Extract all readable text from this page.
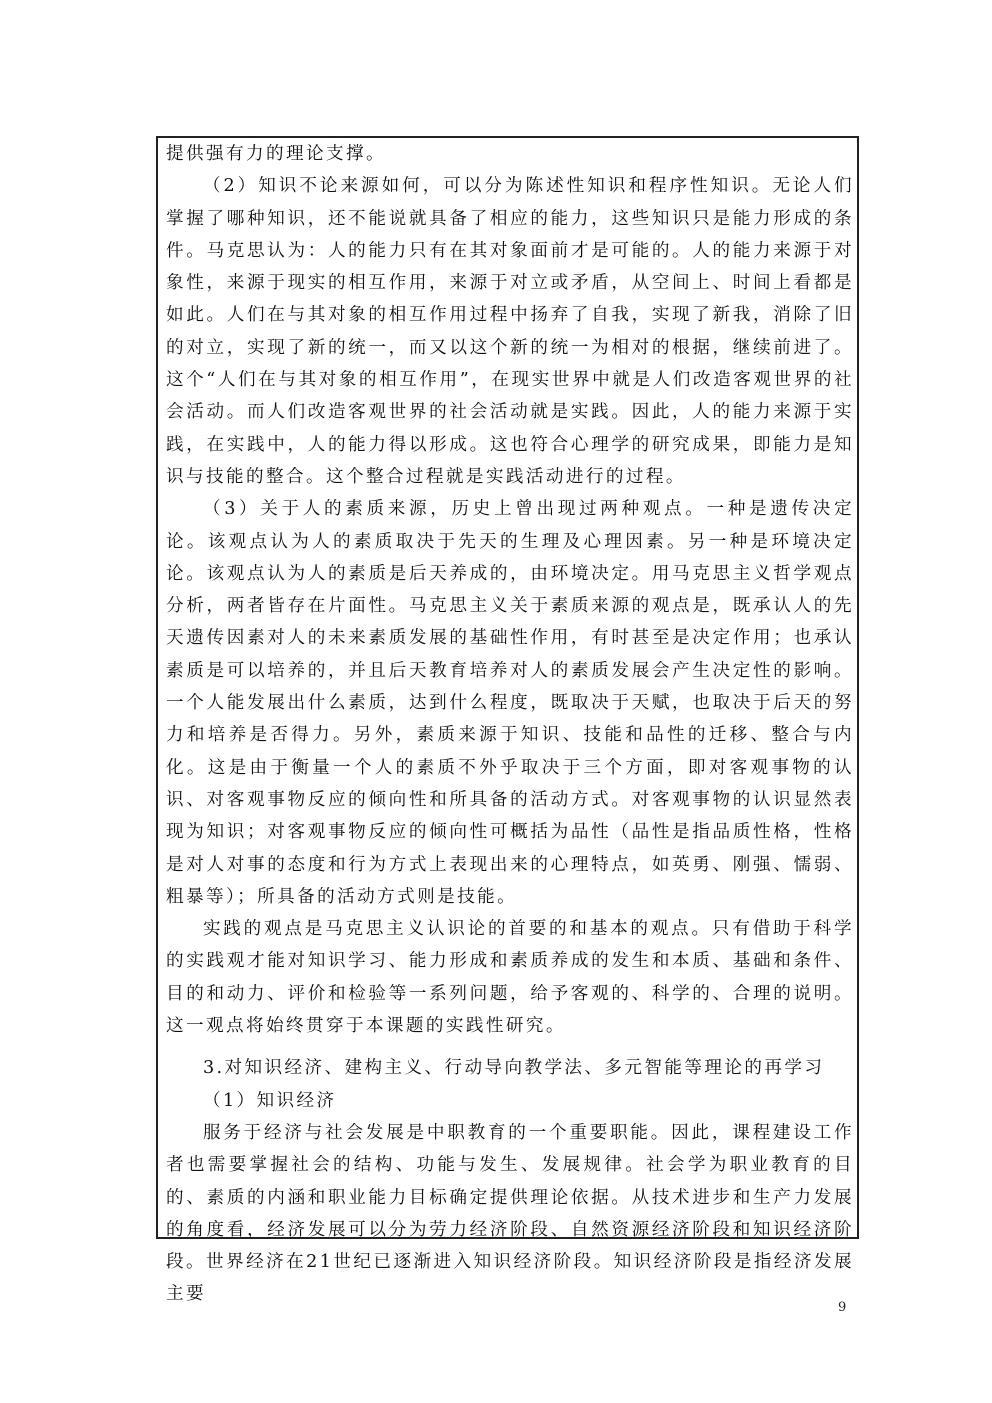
提供强有力的理论支撑。

（2）知识不论来源如何，可以分为陈述性知识和程序性知识。无论人们掌握了哪种知识，还不能说就具备了相应的能力，这些知识只是能力形成的条件。马克思认为：人的能力只有在其对象面前才是可能的。人的能力来源于对象性，来源于现实的相互作用，来源于对立或矛盾，从空间上、时间上看都是如此。人们在与其对象的相互作用过程中扬弃了自我，实现了新我，消除了旧的对立，实现了新的统一，而又以这个新的统一为相对的根据，继续前进了。这个“人们在与其对象的相互作用”，在现实世界中就是人们改造客观世界的社会活动。而人们改造客观世界的社会活动就是实践。因此，人的能力来源于实践，在实践中，人的能力得以形成。这也符合心理学的研究成果，即能力是知识与技能的整合。这个整合过程就是实践活动进行的过程。

（3）关于人的素质来源，历史上曾出现过两种观点。一种是遗传决定论。该观点认为人的素质取决于先天的生理及心理因素。另一种是环境决定论。该观点认为人的素质是后天养成的，由环境决定。用马克思主义哲学观点分析，两者皆存在片面性。马克思主义关于素质来源的观点是，既承认人的先天遗传因素对人的未来素质发展的基础性作用，有时甚至是决定作用；也承认素质是可以培养的，并且后天教育培养对人的素质发展会产生决定性的影响。一个人能发展出什么素质，达到什么程度，既取决于天赋，也取决于后天的努力和培养是否得力。另外，素质来源于知识、技能和品性的迁移、整合与内化。这是由于衡量一个人的素质不外乎取决于三个方面，即对客观事物的认识、对客观事物反应的倾向性和所具备的活动方式。对客观事物的认识显然表现为知识；对客观事物反应的倾向性可概括为品性（品性是指品质性格，性格是对人对事的态度和行为方式上表现出来的心理特点，如英勇、刚强、懦弱、粗暴等）；所具备的活动方式则是技能。

实践的观点是马克思主义认识论的首要的和基本的观点。只有借助于科学的实践观才能对知识学习、能力形成和素质养成的发生和本质、基础和条件、目的和动力、评价和检验等一系列问题，给予客观的、科学的、合理的说明。这一观点将始终贯穿于本课题的实践性研究。

3.对知识经济、建构主义、行动导向教学法、多元智能等理论的再学习

（1）知识经济

服务于经济与社会发展是中职教育的一个重要职能。因此，课程建设工作者也需要掌握社会的结构、功能与发生、发展规律。社会学为职业教育的目的、素质的内涵和职业能力目标确定提供理论依据。从技术进步和生产力发展的角度看，经济发展可以分为劳力经济阶段、自然资源经济阶段和知识经济阶段。世界经济在21世纪已逐渐进入知识经济阶段。知识经济阶段是指经济发展主要

9
